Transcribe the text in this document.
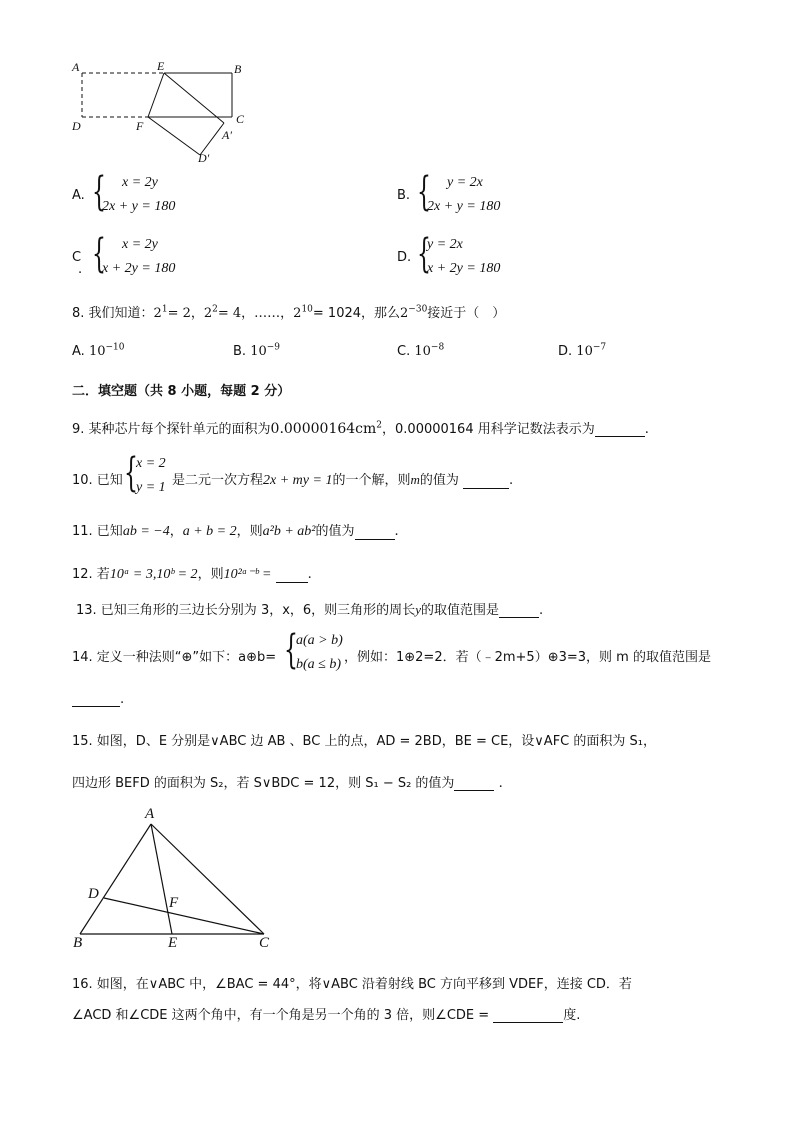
A	E	B
D	F	C
A′
D′
A. { x = 2y
2x + y = 180
B. { y = 2x
2x + y = 180
C
. { x = 2y
x + 2y = 180
D. {
y = 2x
x + 2y = 180
8. 我们知道：$2^1= 2$，$2^2= 4$，……，$2^{10}= 1024$，那么$2^{-30}$接近于（　）
A. $10^{-10}$	B. $10^{-9}$	C. $10^{-8}$	D. $10^{-7}$
二．填空题（共 8 小题，每题 2 分）
9. 某种芯片每个探针单元的面积为$0.00000164cm^2$，0.00000164 用科学记数法表示为	.
10. 已知 {
x = 2
y = 1 是二元一次方程2x + my = 1的一个解，则m的值为	.
11. 已知ab = −4，a + b = 2，则a²b + ab²的值为	.
12. 若10ᵃ = 3,10ᵇ = 2，则10²ᵃ⁻ᵇ =	.
13. 已知三角形的三边长分别为 3，x，6，则三角形的周长y的取值范围是	.
14. 定义一种法则“⊕”如下：a⊕b= {
a(a > b)
b(a ≤ b) ，例如：1⊕2=2．若（﹣2m+5）⊕3=3，则 m 的取值范围是
.
15. 如图，D、E 分别是∨ABC 边 AB 、BC 上的点，AD = 2BD，BE = CE，设∨AFC 的面积为 S₁，
四边形 BEFD 的面积为 S₂，若 S∨BDC = 12，则 S₁ − S₂ 的值为	.
A
D
F
B	E	C
16. 如图，在∨ABC 中，∠BAC = 44°，将∨ABC 沿着射线 BC 方向平移到 VDEF，连接 CD．若
∠ACD 和∠CDE 这两个角中，有一个角是另一个角的 3 倍，则∠CDE =	度.
